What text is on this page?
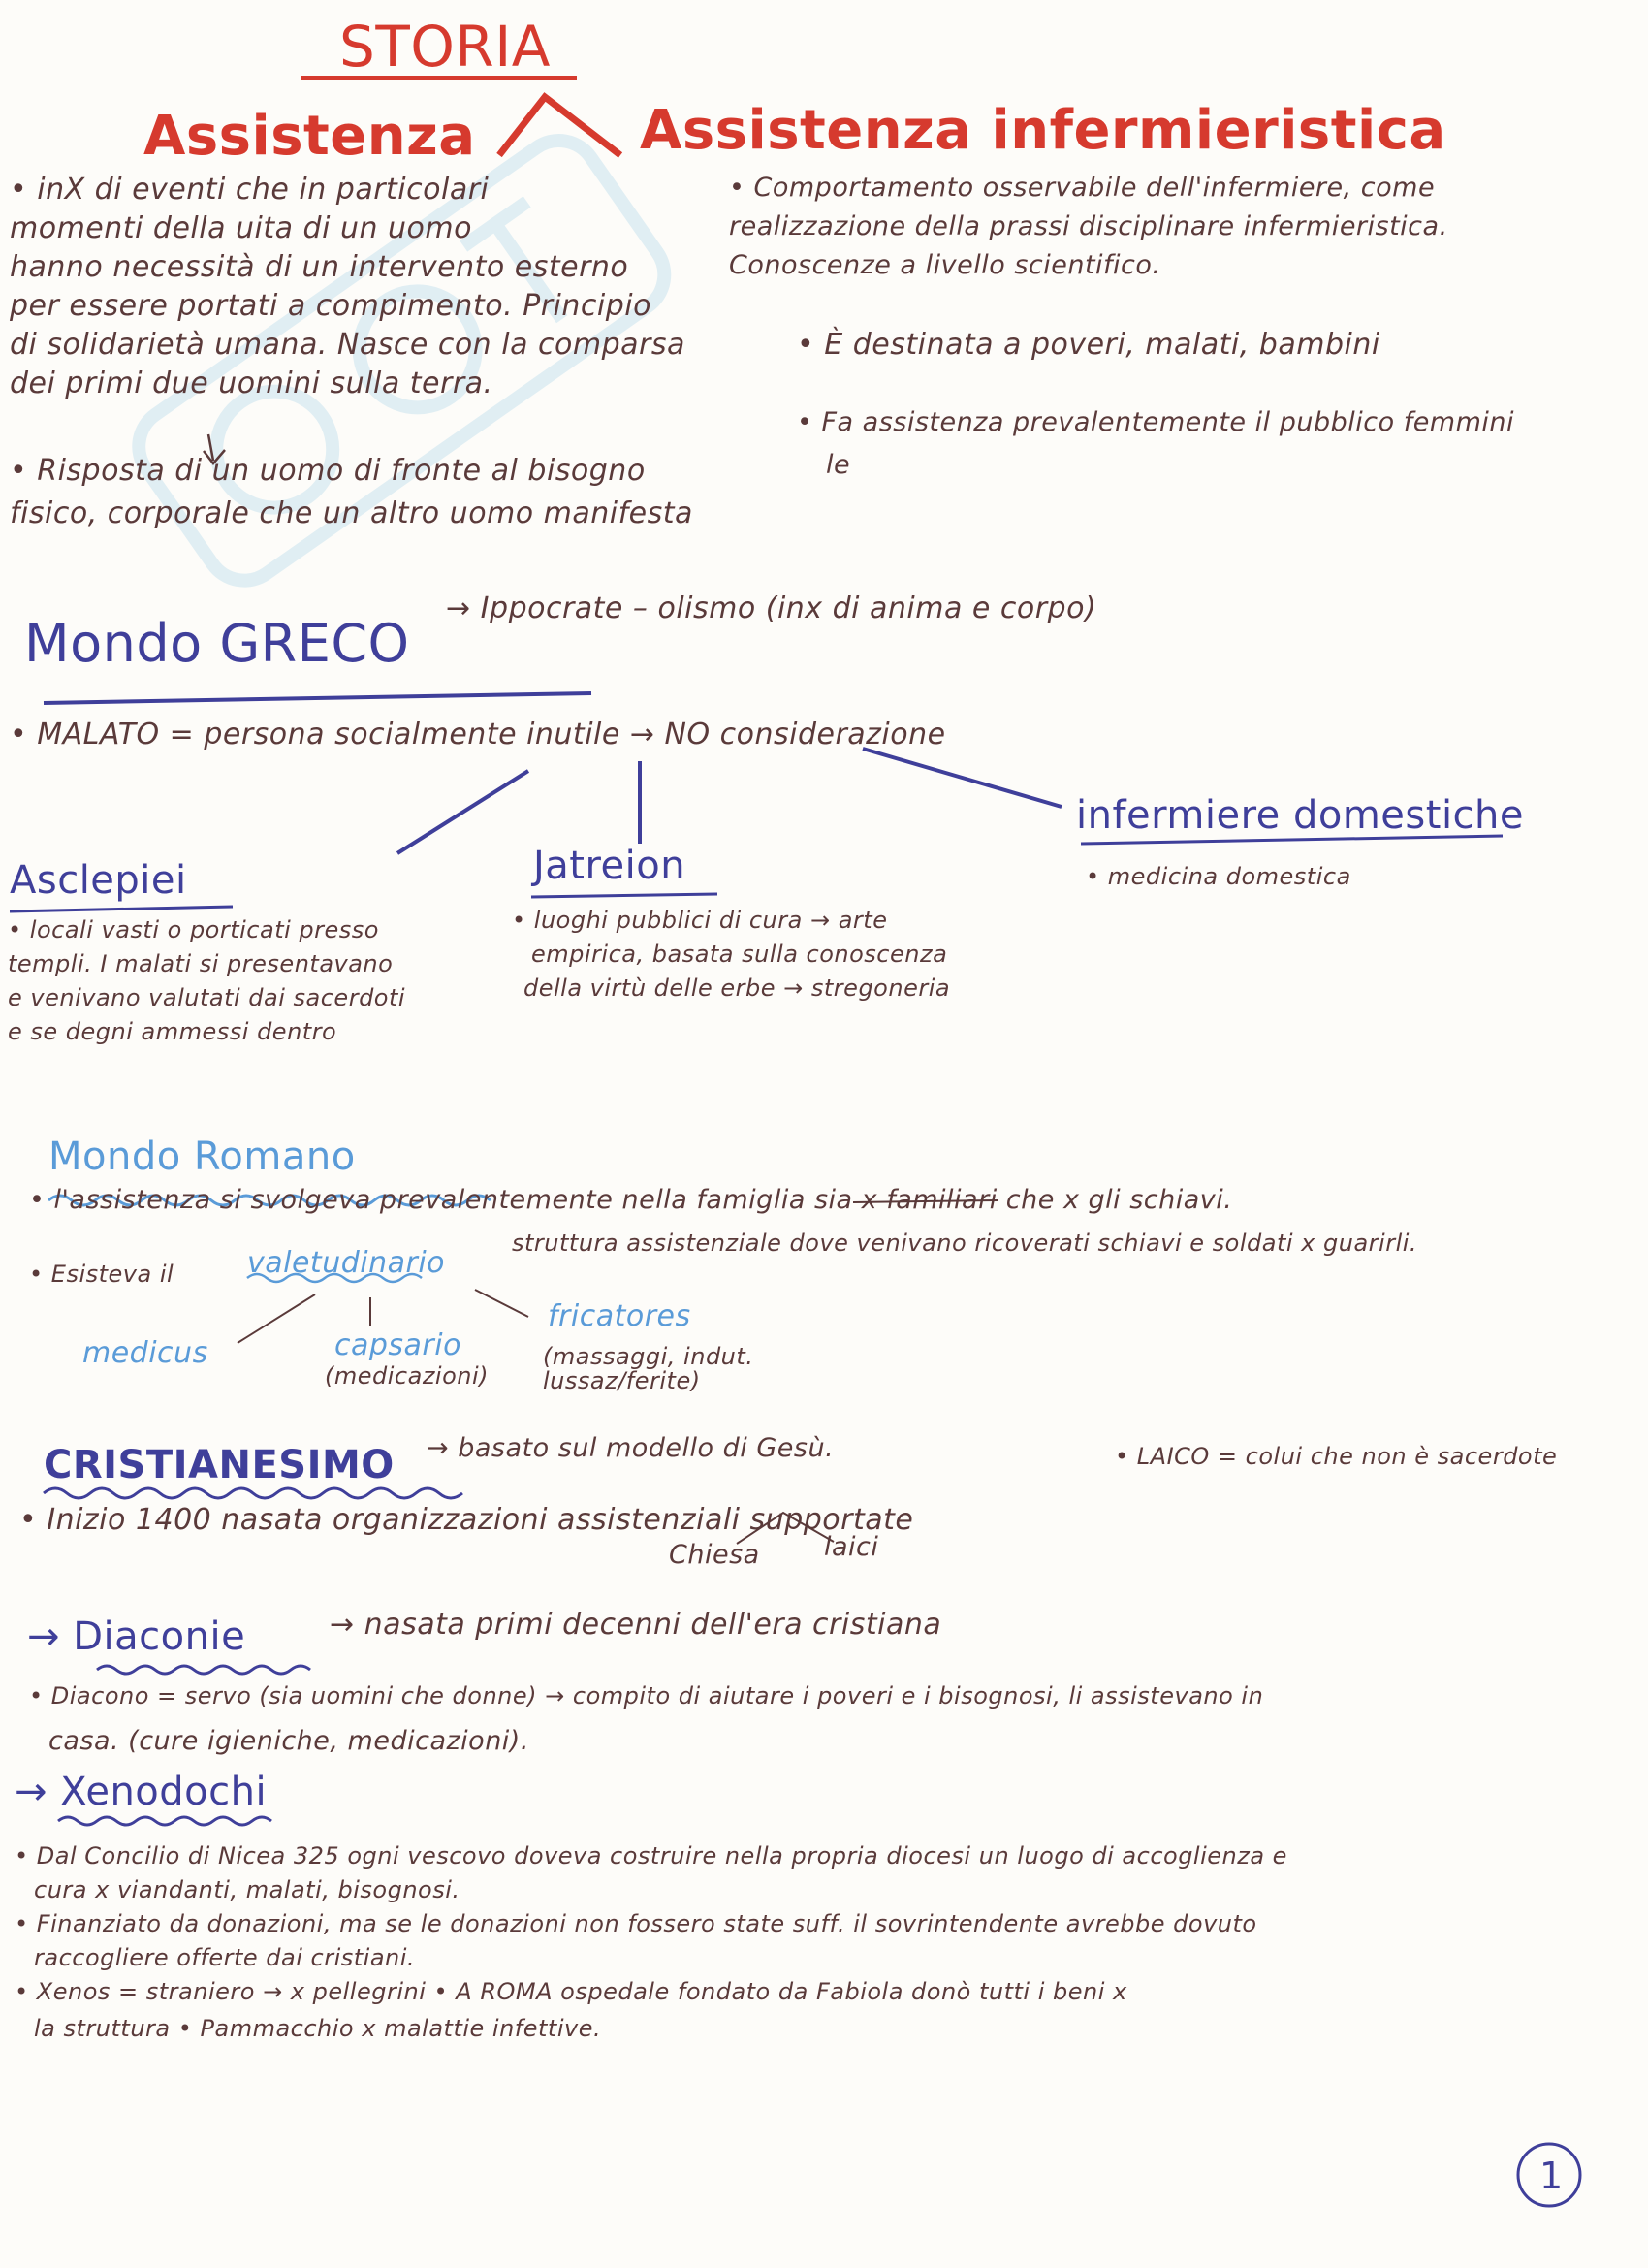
STORIA
Assistenza
• inX di eventi che in particolari
momenti della uita di un uomo
hanno necessità di un intervento esterno
per essere portati a compimento. Principio
di solidarietà umana. Nasce con la comparsa
dei primi due uomini sulla terra.
• Risposta di un uomo di fronte al bisogno
fisico, corporale che un altro uomo manifesta
Assistenza infermieristica
• Comportamento osservabile dell'infermiere, come
realizzazione della prassi disciplinare infermieristica.
Conoscenze a livello scientifico.
• È destinata a poveri, malati, bambini
• Fa assistenza prevalentemente il pubblico femmini
le
Mondo GRECO
→ Ippocrate – olismo (inx di anima e corpo)
• MALATO = persona socialmente inutile → NO considerazione
Asclepiei
• locali vasti o porticati presso
templi. I malati si presentavano
e venivano valutati dai sacerdoti
e se degni ammessi dentro
Jatreion
• luoghi pubblici di cura → arte
empirica, basata sulla conoscenza
della virtù delle erbe → stregoneria
infermiere domestiche
• medicina domestica
Mondo Romano
• l'assistenza si svolgeva prevalentemente nella famiglia sia x familiari che x gli schiavi.
• Esisteva il	valetudinario
struttura assistenziale dove venivano ricoverati schiavi e soldati x guarirli.
medicus	capsario
(medicazioni)
fricatores
(massaggi, indut.
lussaz/ferite)
CRISTIANESIMO → basato sul modello di Gesù.	• LAICO = colui che non è sacerdote
• Inizio 1400 nasata organizzazioni assistenziali supportate
Chiesa laici
→ Diaconie	→ nasata primi decenni dell'era cristiana
• Diacono = servo (sia uomini che donne) → compito di aiutare i poveri e i bisognosi, li assistevano in
casa. (cure igieniche, medicazioni).
→ Xenodochi
• Dal Concilio di Nicea 325 ogni vescovo doveva costruire nella propria diocesi un luogo di accoglienza e
cura x viandanti, malati, bisognosi.
• Finanziato da donazioni, ma se le donazioni non fossero state suff. il sovrintendente avrebbe dovuto
raccogliere offerte dai cristiani.
• Xenos = straniero → x pellegrini • A ROMA ospedale fondato da Fabiola donò tutti i beni x
la struttura • Pammacchio x malattie infettive.
1
